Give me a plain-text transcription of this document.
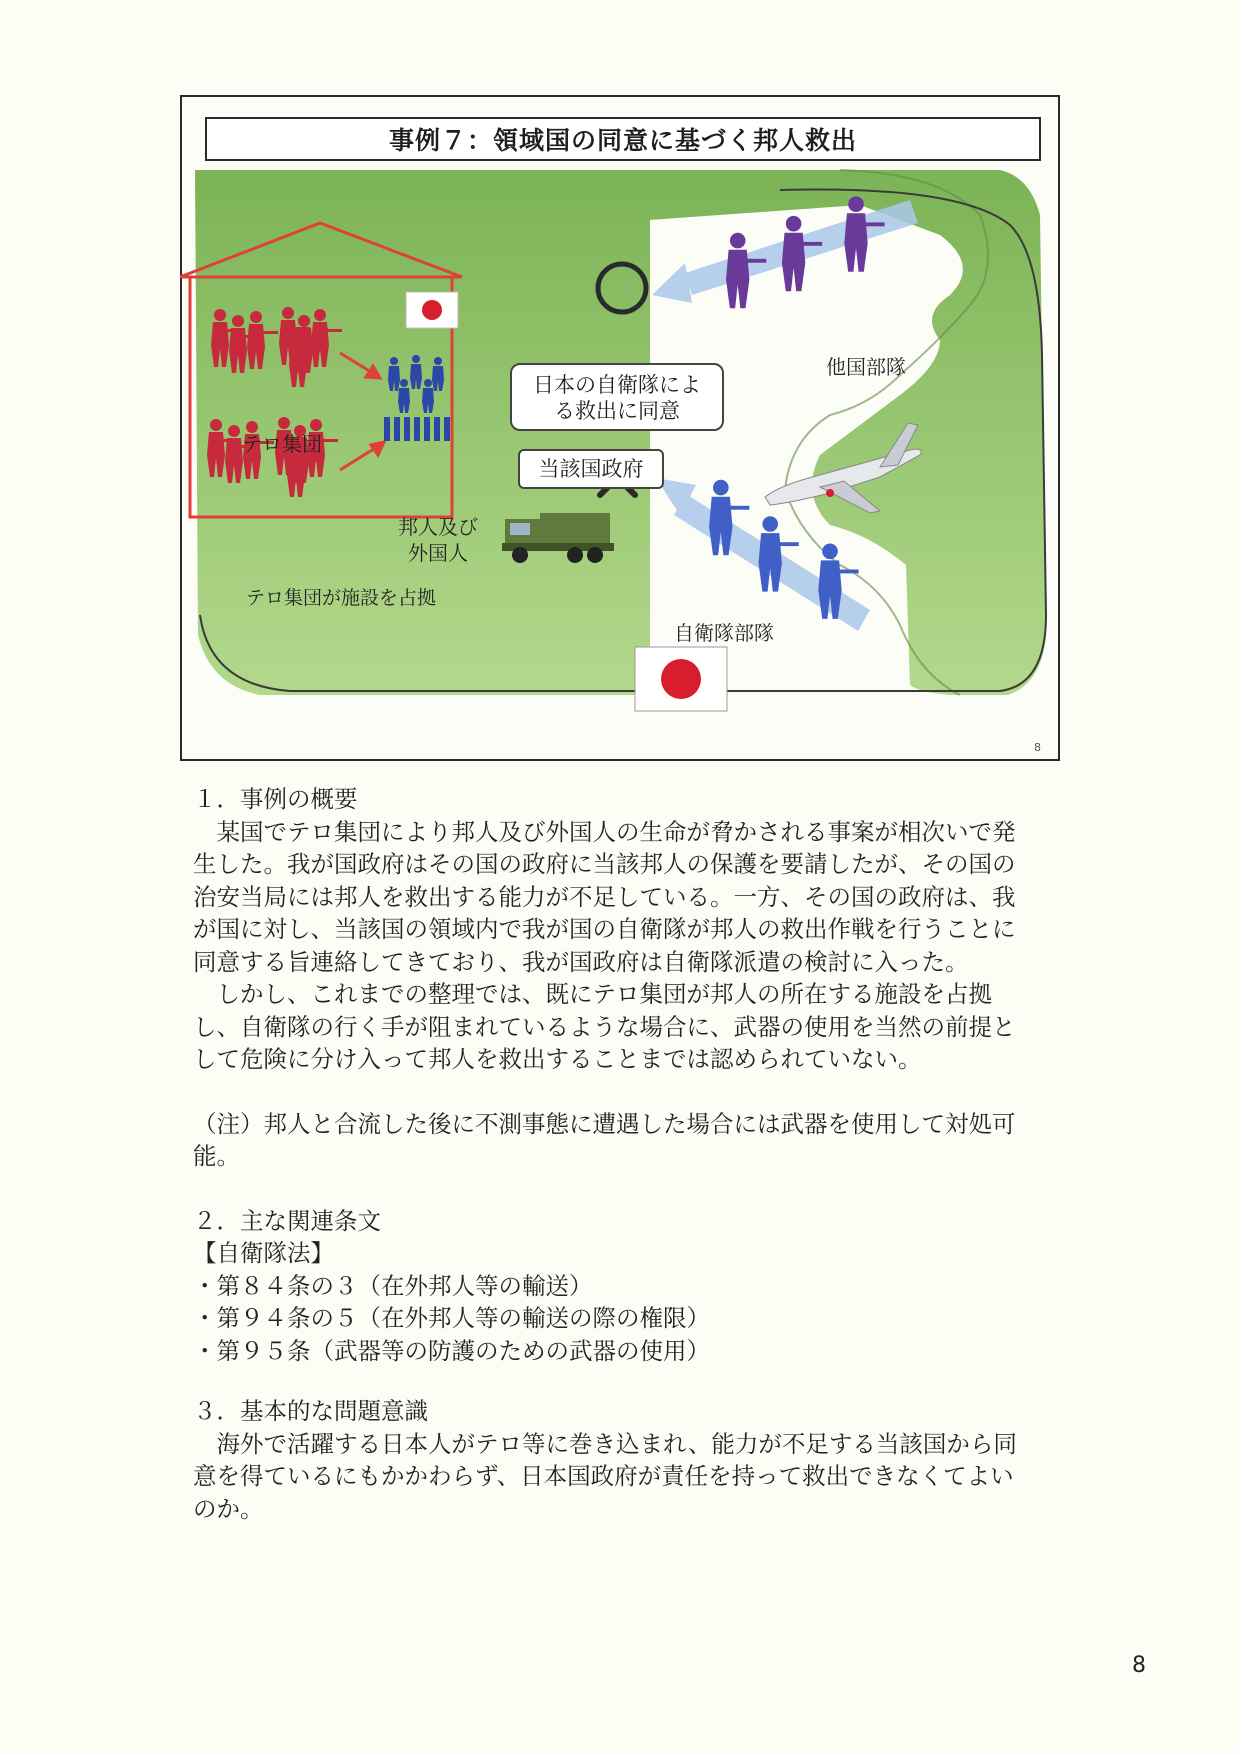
事例７：領域国の同意に基づく邦人救出
テロ集団
邦人及び
外国人
テロ集団が施設を占拠
日本の自衛隊によ
る救出に同意
当該国政府
他国部隊
自衛隊部隊
8

１．事例の概要

某国でテロ集団により邦人及び外国人の生命が脅かされる事案が相次いで発生した。我が国政府はその国の政府に当該邦人の保護を要請したが、その国の治安当局には邦人を救出する能力が不足している。一方、その国の政府は、我が国に対し、当該国の領域内で我が国の自衛隊が邦人の救出作戦を行うことに同意する旨連絡してきており、我が国政府は自衛隊派遣の検討に入った。

しかし、これまでの整理では、既にテロ集団が邦人の所在する施設を占拠し、自衛隊の行く手が阻まれているような場合に、武器の使用を当然の前提として危険に分け入って邦人を救出することまでは認められていない。

（注）邦人と合流した後に不測事態に遭遇した場合には武器を使用して対処可能。

２．主な関連条文

【自衛隊法】

・第８４条の３（在外邦人等の輸送）

・第９４条の５（在外邦人等の輸送の際の権限）

・第９５条（武器等の防護のための武器の使用）

３．基本的な問題意識

海外で活躍する日本人がテロ等に巻き込まれ、能力が不足する当該国から同意を得ているにもかかわらず、日本国政府が責任を持って救出できなくてよいのか。

8
